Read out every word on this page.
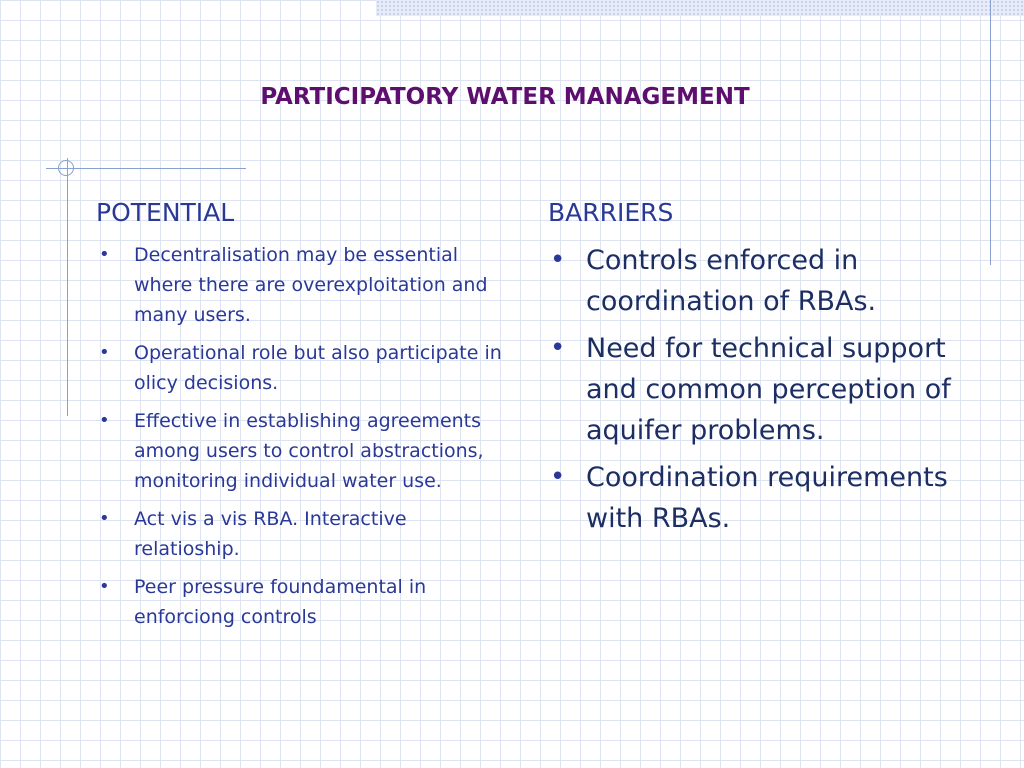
PARTICIPATORY WATER MANAGEMENT
POTENTIAL
• Decentralisation may be essential where there are overexploitation and many users.
• Operational role but also participate in olicy decisions.
• Effective in establishing agreements among users to control abstractions, monitoring individual water use.
• Act vis a vis RBA. Interactive relatioship.
• Peer pressure foundamental in enforciong controls
BARRIERS
• Controls enforced in coordination of RBAs.
• Need for technical support and common perception of aquifer problems.
• Coordination requirements with RBAs.
